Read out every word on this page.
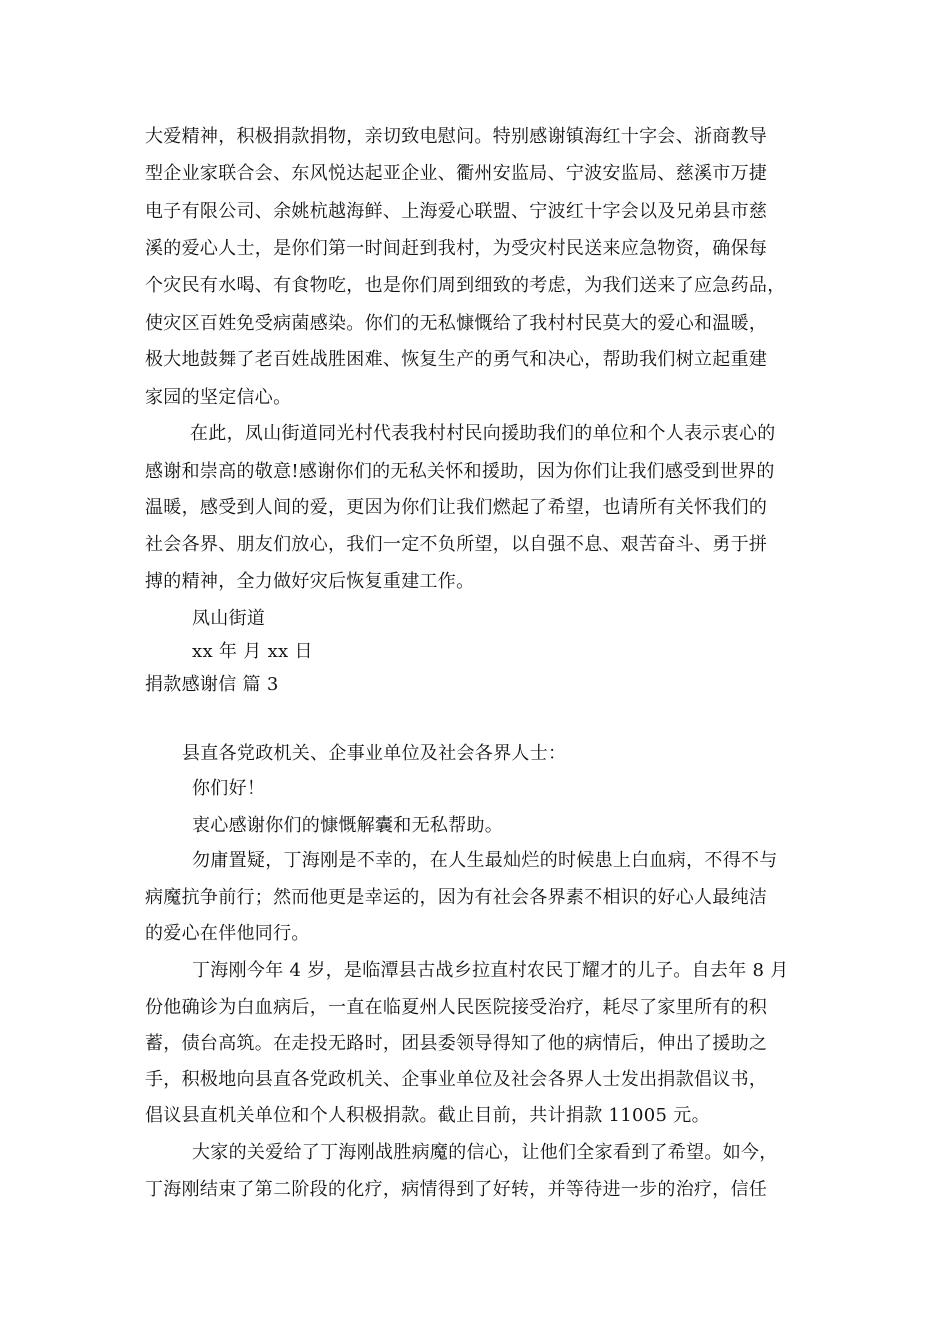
大爱精神，积极捐款捐物，亲切致电慰问。特别感谢镇海红十字会、浙商教导
型企业家联合会、东风悦达起亚企业、衢州安监局、宁波安监局、慈溪市万捷
电子有限公司、余姚杭越海鲜、上海爱心联盟、宁波红十字会以及兄弟县市慈
溪的爱心人士，是你们第一时间赶到我村，为受灾村民送来应急物资，确保每
个灾民有水喝、有食物吃，也是你们周到细致的考虑，为我们送来了应急药品，
使灾区百姓免受病菌感染。你们的无私慷慨给了我村村民莫大的爱心和温暖，
极大地鼓舞了老百姓战胜困难、恢复生产的勇气和决心，帮助我们树立起重建
家园的坚定信心。
在此，凤山街道同光村代表我村村民向援助我们的单位和个人表示衷心的
感谢和崇高的敬意!感谢你们的无私关怀和援助，因为你们让我们感受到世界的
温暖，感受到人间的爱，更因为你们让我们燃起了希望，也请所有关怀我们的
社会各界、朋友们放心，我们一定不负所望，以自强不息、艰苦奋斗、勇于拼
搏的精神，全力做好灾后恢复重建工作。
凤山街道
xx 年 月 xx 日
捐款感谢信 篇 3
县直各党政机关、企事业单位及社会各界人士：
你们好！
衷心感谢你们的慷慨解囊和无私帮助。
勿庸置疑，丁海刚是不幸的，在人生最灿烂的时候患上白血病，不得不与
病魔抗争前行；然而他更是幸运的，因为有社会各界素不相识的好心人最纯洁
的爱心在伴他同行。
丁海刚今年 4 岁，是临潭县古战乡拉直村农民丁耀才的儿子。自去年 8 月
份他确诊为白血病后，一直在临夏州人民医院接受治疗，耗尽了家里所有的积
蓄，债台高筑。在走投无路时，团县委领导得知了他的病情后，伸出了援助之
手，积极地向县直各党政机关、企事业单位及社会各界人士发出捐款倡议书，
倡议县直机关单位和个人积极捐款。截止目前，共计捐款 11005 元。
大家的关爱给了丁海刚战胜病魔的信心，让他们全家看到了希望。如今，
丁海刚结束了第二阶段的化疗，病情得到了好转，并等待进一步的治疗，信任
